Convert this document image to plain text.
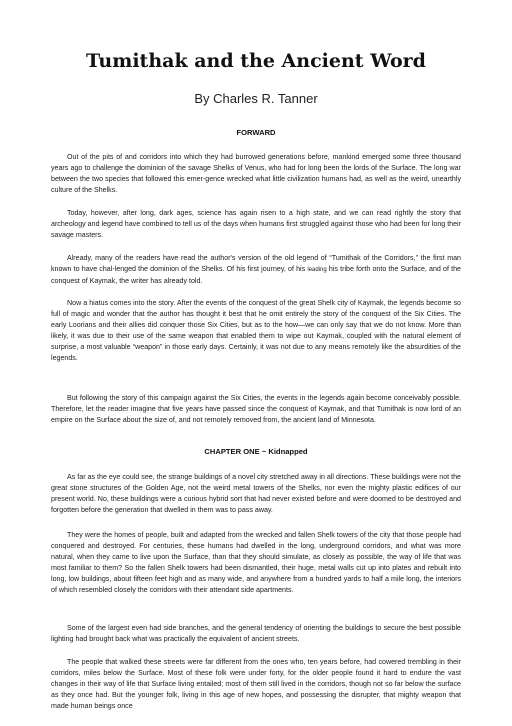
Tumithak and the Ancient Word
By Charles R. Tanner
FORWARD

Out of the pits of and corridors into which they had burrowed generations before, mankind emerged some three thousand years ago to challenge the dominion of the savage Shelks of Venus, who had for long been the lords of the Surface. The long war between the two species that followed this emer-gence wrecked what little civilization humans had, as well as the weird, unearthly culture of the Shelks.

Today, however, after long, dark ages, science has again risen to a high state, and we can read rightly the story that archeology and legend have combined to tell us of the days when humans first struggled against those who had been for long their savage masters.

Already, many of the readers have read the author's version of the old legend of “Tumithak of the Corridors,” the first man known to have chal-lenged the dominion of the Shelks. Of his first journey, of his leading his tribe forth onto the Surface, and of the conquest of Kaymak, the writer has already told.

Now a hiatus comes into the story. After the events of the conquest of the great Shelk city of Kaymak, the legends become so full of magic and wonder that the author has thought it best that he omit entirely the story of the conquest of the Six Cities. The early Loorians and their allies did conquer those Six Cities, but as to the how—we can only say that we do not know. More than likely, it was due to their use of the same weapon that enabled them to wipe out Kaymak, coupled with the natural element of surprise, a most valuable “weapon” in those early days. Certainly, it was not due to any means remotely like the absurdities of the legends.

But following the story of this campaign against the Six Cities, the events in the legends again become conceivably possible. Therefore, let the reader imagine that five years have passed since the conquest of Kaymak, and that Tumithak is now lord of an empire on the Surface about the size of, and not remotely removed from, the ancient land of Minnesota.

CHAPTER ONE ~ Kidnapped

As far as the eye could see, the strange buildings of a novel city stretched away in all directions. These buildings were not the great stone structures of the Golden Age, not the weird metal towers of the Shelks, nor even the mighty plastic edifices of our present world. No, these buildings were a curious hybrid sort that had never existed before and were doomed to be destroyed and forgotten before the generation that dwelled in them was to pass away.

They were the homes of people, built and adapted from the wrecked and fallen Shelk towers of the city that those people had conquered and destroyed. For centuries, these humans had dwelled in the long, underground corridors, and what was more natural, when they came to live upon the Surface, than that they should simulate, as closely as possible, the way of life that was most familiar to them? So the fallen Shelk towers had been dismantled, their huge, metal walls cut up into plates and rebuilt into long, low buildings, about fifteen feet high and as many wide, and anywhere from a hundred yards to half a mile long, the interiors of which resembled closely the corridors with their attendant side apartments.

Some of the largest even had side branches, and the general tendency of orienting the buildings to secure the best possible lighting had brought back what was practically the equivalent of ancient streets.

The people that walked these streets were far different from the ones who, ten years before, had cowered trembling in their corridors, miles below the Surface. Most of these folk were under forty, for the older people found it hard to endure the vast changes in their way of life that Surface living entailed; most of them still lived in the corridors, though not so far below the surface as they once had. But the younger folk, living in this age of new hopes, and possessing the disrupter, that mighty weapon that made human beings once
